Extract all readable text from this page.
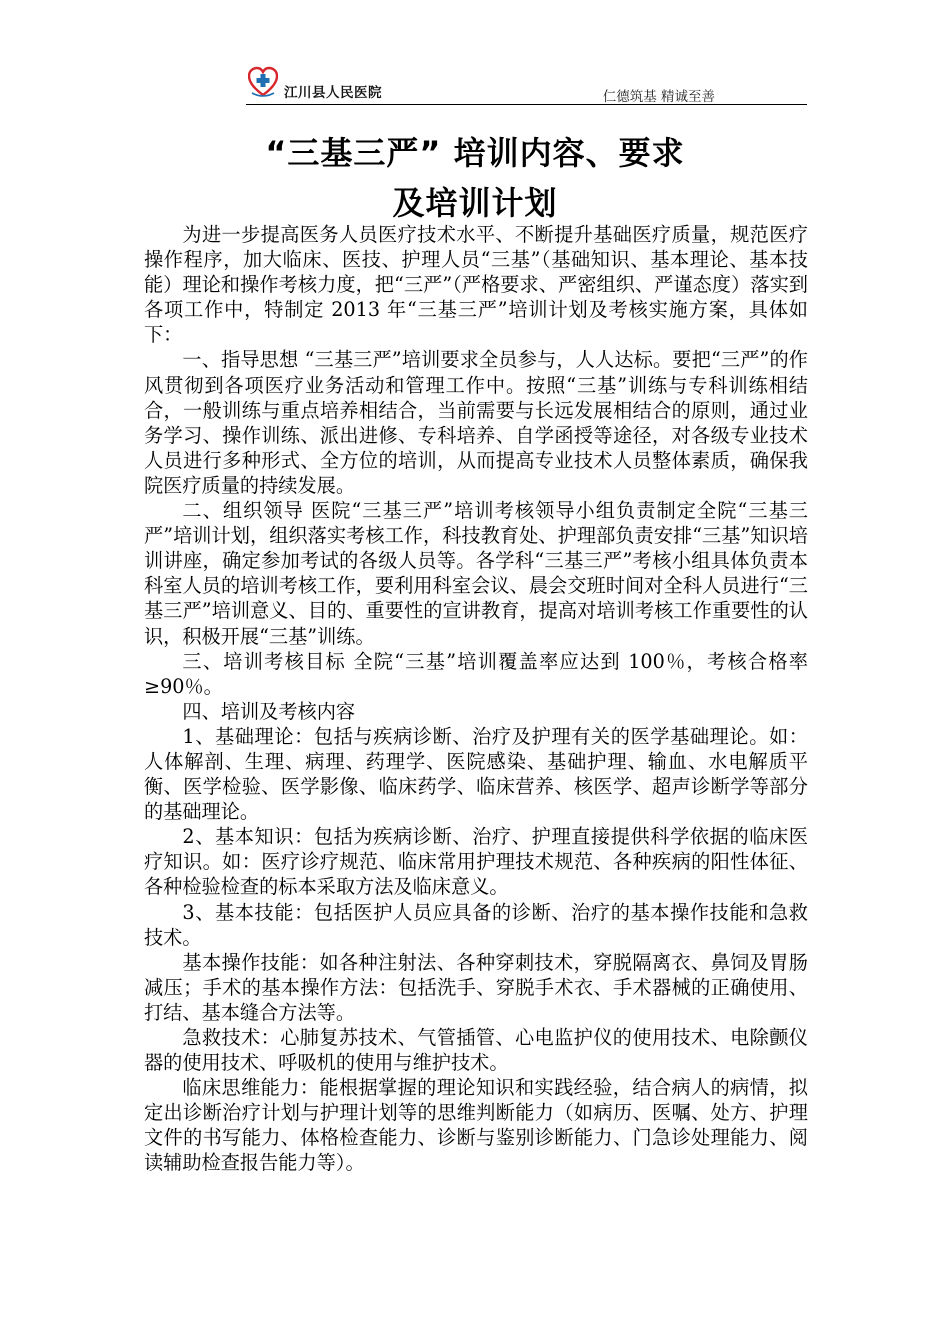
江川县人民医院	仁德筑基 精诚至善
“三基三严” 培训内容、要求
及培训计划

为进一步提高医务人员医疗技术水平、不断提升基础医疗质量，规范医疗操作程序，加大临床、医技、护理人员“三基”（基础知识、基本理论、基本技能）理论和操作考核力度，把“三严”（严格要求、严密组织、严谨态度）落实到各项工作中，特制定 2013 年“三基三严”培训计划及考核实施方案，具体如下：

一、指导思想 “三基三严”培训要求全员参与，人人达标。要把“三严”的作风贯彻到各项医疗业务活动和管理工作中。按照“三基”训练与专科训练相结合，一般训练与重点培养相结合，当前需要与长远发展相结合的原则，通过业务学习、操作训练、派出进修、专科培养、自学函授等途径，对各级专业技术人员进行多种形式、全方位的培训，从而提高专业技术人员整体素质，确保我院医疗质量的持续发展。

二、组织领导 医院“三基三严”培训考核领导小组负责制定全院“三基三严”培训计划，组织落实考核工作，科技教育处、护理部负责安排“三基”知识培训讲座，确定参加考试的各级人员等。各学科“三基三严”考核小组具体负责本科室人员的培训考核工作，要利用科室会议、晨会交班时间对全科人员进行“三基三严”培训意义、目的、重要性的宣讲教育，提高对培训考核工作重要性的认识，积极开展“三基”训练。

三、培训考核目标 全院“三基”培训覆盖率应达到 100％，考核合格率≥90％。

四、培训及考核内容

1、基础理论：包括与疾病诊断、治疗及护理有关的医学基础理论。如：人体解剖、生理、病理、药理学、医院感染、基础护理、输血、水电解质平衡、医学检验、医学影像、临床药学、临床营养、核医学、超声诊断学等部分的基础理论。

2、基本知识：包括为疾病诊断、治疗、护理直接提供科学依据的临床医疗知识。如：医疗诊疗规范、临床常用护理技术规范、各种疾病的阳性体征、各种检验检查的标本采取方法及临床意义。

3、基本技能：包括医护人员应具备的诊断、治疗的基本操作技能和急救技术。

基本操作技能：如各种注射法、各种穿刺技术，穿脱隔离衣、鼻饲及胃肠减压；手术的基本操作方法：包括洗手、穿脱手术衣、手术器械的正确使用、打结、基本缝合方法等。

急救技术：心肺复苏技术、气管插管、心电监护仪的使用技术、电除颤仪器的使用技术、呼吸机的使用与维护技术。

临床思维能力：能根据掌握的理论知识和实践经验，结合病人的病情，拟定出诊断治疗计划与护理计划等的思维判断能力（如病历、医嘱、处方、护理文件的书写能力、体格检查能力、诊断与鉴别诊断能力、门急诊处理能力、阅读辅助检查报告能力等）。
